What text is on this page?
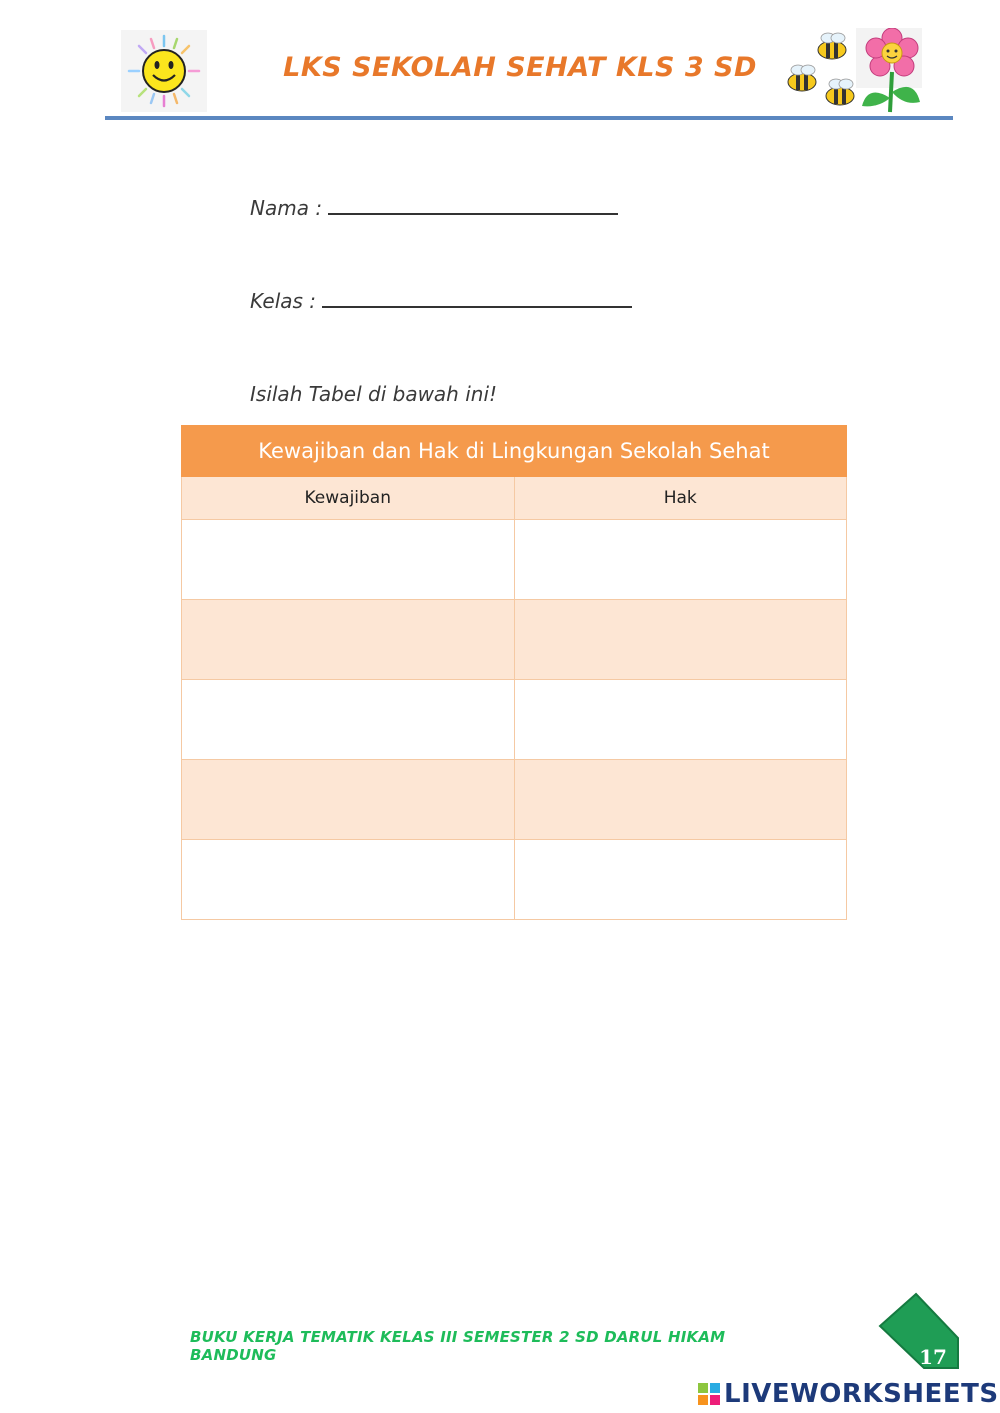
LKS SEKOLAH SEHAT KLS 3 SD
Nama :
Kelas :
Isilah Tabel di bawah ini!
Kewajiban dan Hak di Lingkungan Sekolah Sehat	
Kewajiban	Hak

BUKU KERJA TEMATIK KELAS III SEMESTER 2 SD DARUL HIKAM BANDUNG	17
LIVEWORKSHEETS
